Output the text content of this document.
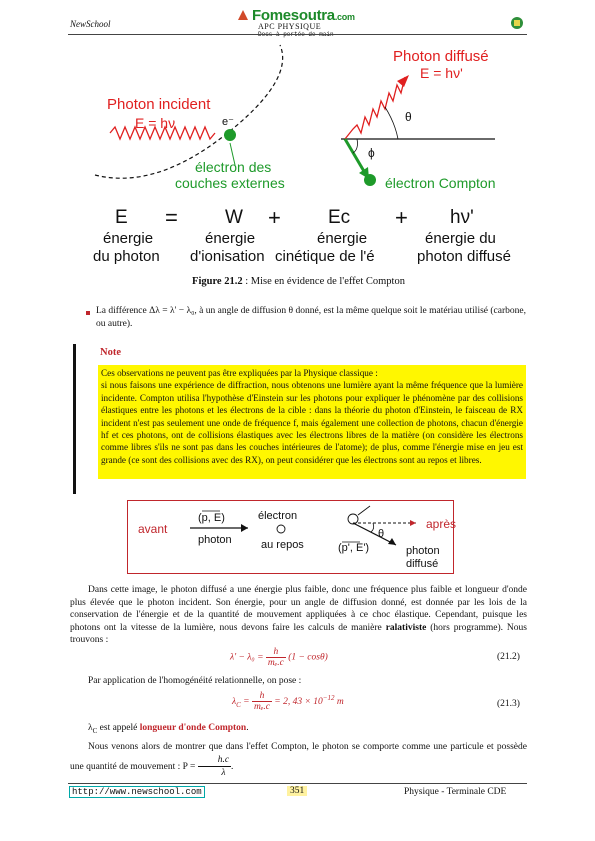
NewSchool	Fomesoutra.com
APC PHYSIQUE
Docs à portée de main
Photon incident
E = hν	e⁻
électron des
couches externes
Photon diffusé
E = hν'
θ
ϕ
électron Compton
E = W + Ec + hν'
énergie
du photon
énergie
d'ionisation
énergie
cinétique de l'é
énergie du
photon diffusé
Figure 21.2 : Mise en évidence de l'effet Compton
La différence Δλ = λ' − λ₀, à un angle de diffusion θ donné, est la même quelque soit le matériau utilisé (carbone, ou autre).
Note
Ces observations ne peuvent pas être expliquées par la Physique classique :
si nous faisons une expérience de diffraction, nous obtenons une lumière ayant la même fréquence que la lumière incidente. Compton utilisa l'hypothèse d'Einstein sur les photons pour expliquer le phénomène par des collisions élastiques entre les photons et les électrons de la cible : dans la théorie du photon d'Einstein, le faisceau de RX incident n'est pas seulement une onde de fréquence f, mais également une collection de photons, chacun d'énergie hf et ces photons, ont de collisions élastiques avec les électrons libres de la matière (on considère les électrons comme libres s'ils ne sont pas dans les couches intérieures de l'atome); de plus, comme l'énergie mise en jeu est grande (ce sont des collisions avec des RX), on peut considérer que les électrons sont au repos et libres.
avant
(p, E)
photon
électron
au repos
θ
après
(p', E')	photon
diffusé
Dans cette image, le photon diffusé a une énergie plus faible, donc une fréquence plus faible et longueur d'onde plus élevée que le photon incident. Son énergie, pour un angle de diffusion donné, est donnée par les lois de la conservation de l'énergie et de la quantité de mouvement appliquées à ce choc élastique. Cependant, puisque les photons ont la vitesse de la lumière, nous devons faire les calculs de manière ralativiste (hors programme). Nous trouvons :
$\lambda' - \lambda_0 = \frac{h}{\text{mₑ.c}} (1 - \cos\theta)$	(21.2)
Par application de l'homogénéité relationnelle, on pose :
$\lambda_C = \frac{h}{\text{mₑ.c}} = 2$, $43 \times 10^{-12}$ m	(21.3)
$\lambda_C$ est appelé longueur d'onde Compton.
Nous venons alors de montrer que dans l'effet Compton, le photon se comporte comme une particule et possède une quantité de mouvement : $P = \frac{h.c}{\lambda}$ .
http://www.newschool.com	351	Physique - Terminale CDE
